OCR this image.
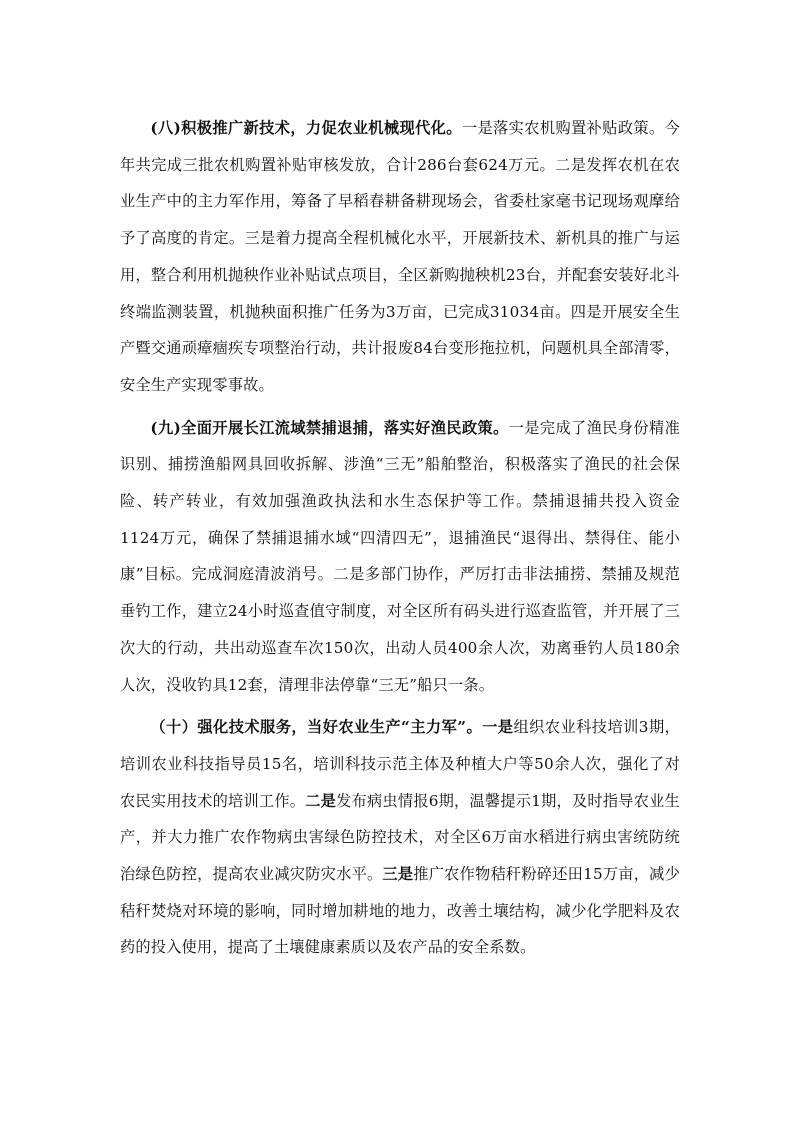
(八)积极推广新技术，力促农业机械现代化。一是落实农机购置补贴政策。今年共完成三批农机购置补贴审核发放，合计286台套624万元。二是发挥农机在农业生产中的主力军作用，筹备了早稻春耕备耕现场会，省委杜家毫书记现场观摩给予了高度的肯定。三是着力提高全程机械化水平，开展新技术、新机具的推广与运用，整合利用机抛秧作业补贴试点项目，全区新购抛秧机23台，并配套安装好北斗终端监测装置，机抛秧面积推广任务为3万亩，已完成31034亩。四是开展安全生产暨交通顽瘴痼疾专项整治行动，共计报废84台变形拖拉机，问题机具全部清零，安全生产实现零事故。

(九)全面开展长江流域禁捕退捕，落实好渔民政策。一是完成了渔民身份精准识别、捕捞渔船网具回收拆解、涉渔“三无”船舶整治，积极落实了渔民的社会保险、转产转业，有效加强渔政执法和水生态保护等工作。禁捕退捕共投入资金1124万元，确保了禁捕退捕水域“四清四无”，退捕渔民“退得出、禁得住、能小康”目标。完成洞庭清波消号。二是多部门协作，严厉打击非法捕捞、禁捕及规范垂钓工作，建立24小时巡查值守制度，对全区所有码头进行巡查监管，并开展了三次大的行动，共出动巡查车次150次，出动人员400余人次，劝离垂钓人员180余人次，没收钓具12套，清理非法停靠“三无”船只一条。

（十）强化技术服务，当好农业生产“主力军”。一是组织农业科技培训3期，培训农业科技指导员15名，培训科技示范主体及种植大户等50余人次，强化了对农民实用技术的培训工作。二是发布病虫情报6期，温馨提示1期，及时指导农业生产，并大力推广农作物病虫害绿色防控技术，对全区6万亩水稻进行病虫害统防统治绿色防控，提高农业减灾防灾水平。三是推广农作物秸秆粉碎还田15万亩，减少秸秆焚烧对环境的影响，同时增加耕地的地力，改善土壤结构，减少化学肥料及农药的投入使用，提高了土壤健康素质以及农产品的安全系数。
